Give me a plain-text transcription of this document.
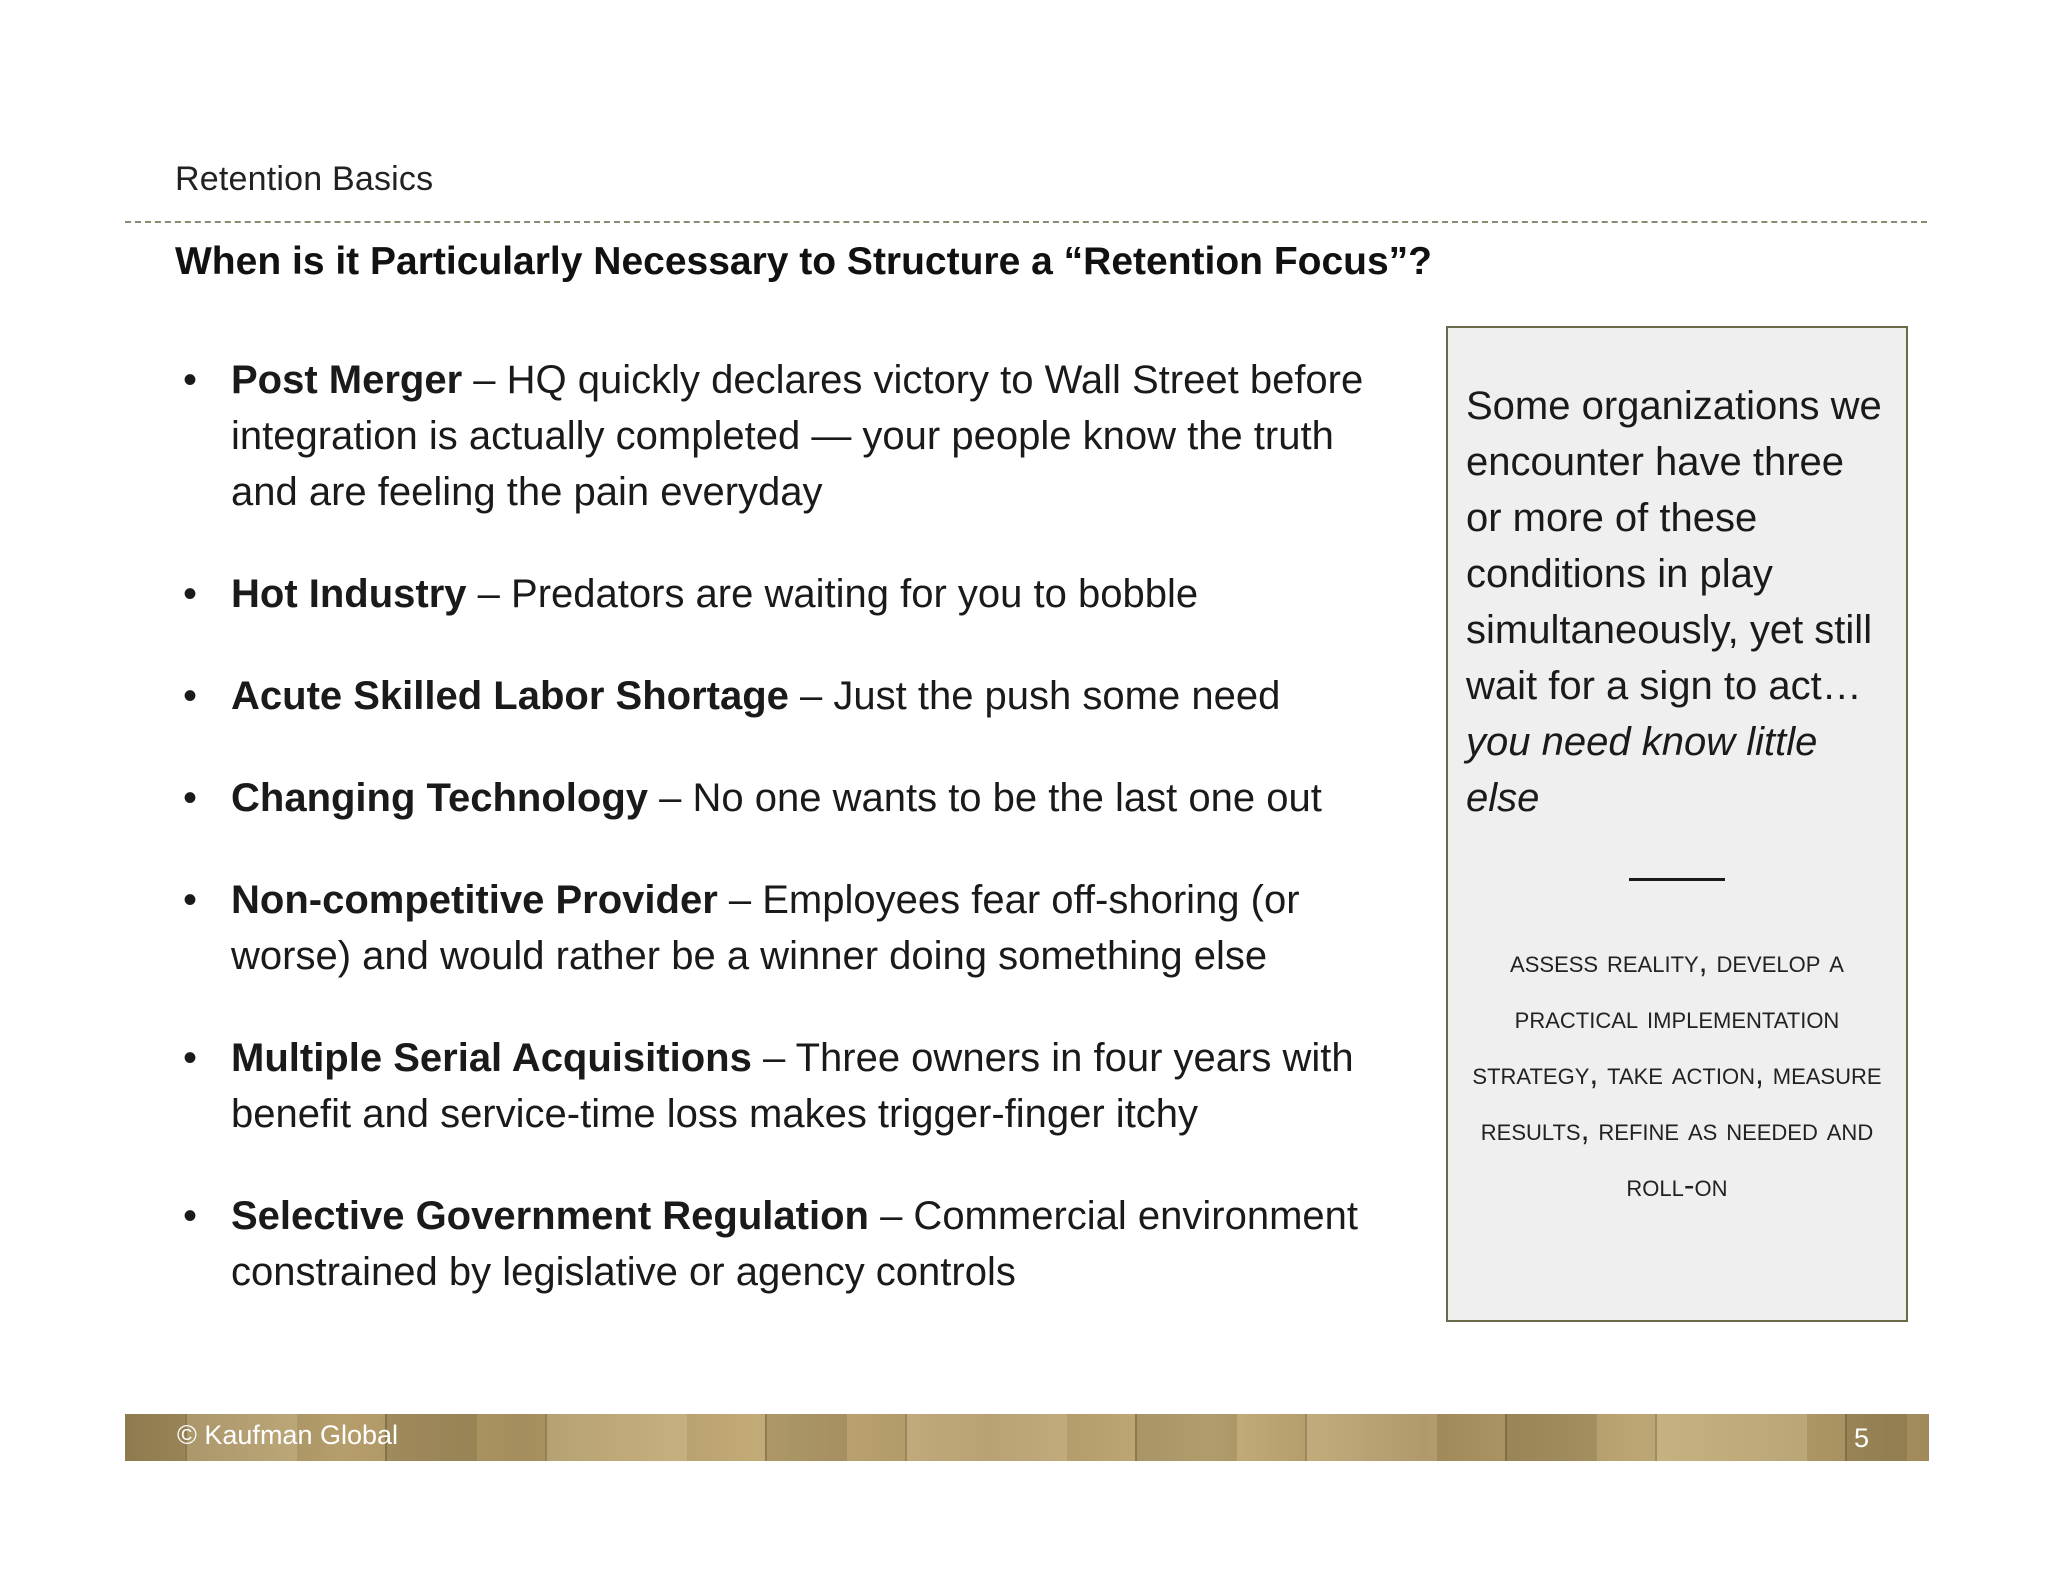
Retention Basics
When is it Particularly Necessary to Structure a “Retention Focus”?
• Post Merger – HQ quickly declares victory to Wall Street before integration is actually completed — your people know the truth and are feeling the pain everyday
• Hot Industry – Predators are waiting for you to bobble
• Acute Skilled Labor Shortage – Just the push some need
• Changing Technology – No one wants to be the last one out
• Non-competitive Provider – Employees fear off-shoring (or worse) and would rather be a winner doing something else
• Multiple Serial Acquisitions – Three owners in four years with benefit and service-time loss makes trigger-finger itchy
• Selective Government Regulation – Commercial environment constrained by legislative or agency controls
Some organizations we encounter have three or more of these conditions in play simultaneously, yet still wait for a sign to act… you need know little else
assess reality, develop a practical implementation strategy, take action, measure results, refine as needed and roll-on
© Kaufman Global	5
